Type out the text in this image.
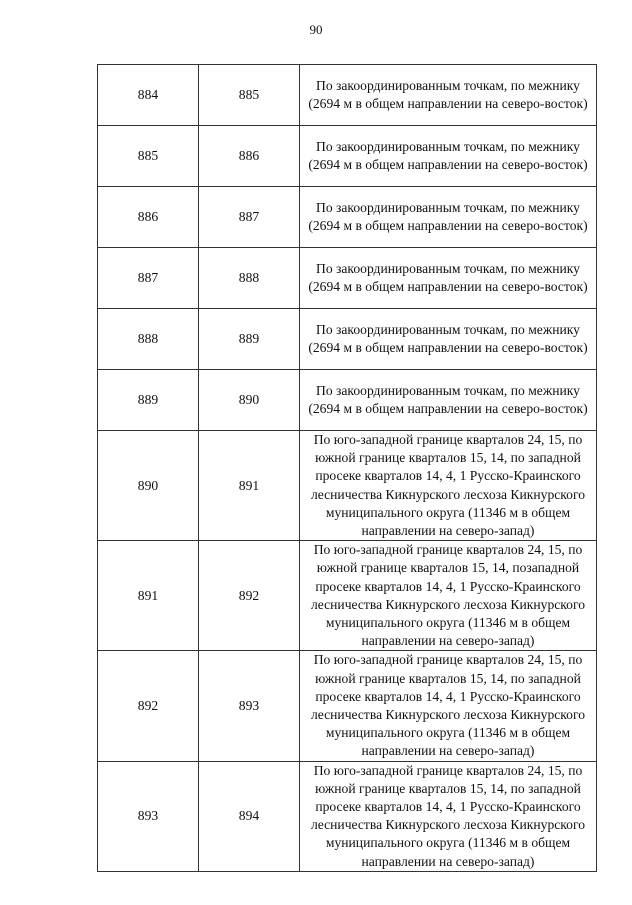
90
884	885	По закоординированным точкам, по межнику (2694 м в общем направлении на северо-восток)
885	886	По закоординированным точкам, по межнику (2694 м в общем направлении на северо-восток)
886	887	По закоординированным точкам, по межнику (2694 м в общем направлении на северо-восток)
887	888	По закоординированным точкам, по межнику (2694 м в общем направлении на северо-восток)
888	889	По закоординированным точкам, по межнику (2694 м в общем направлении на северо-восток)
889	890	По закоординированным точкам, по межнику (2694 м в общем направлении на северо-восток)
890	891	По юго-западной границе кварталов 24, 15, по южной границе кварталов 15, 14, по западной просеке кварталов 14, 4, 1 Русско-Краинского лесничества Кикнурского лесхоза Кикнурского муниципального округа (11346 м в общем направлении на северо-запад)
891	892	По юго-западной границе кварталов 24, 15, по южной границе кварталов 15, 14, позападной просеке кварталов 14, 4, 1 Русско-Краинского лесничества Кикнурского лесхоза Кикнурского муниципального округа (11346 м в общем направлении на северо-запад)
892	893	По юго-западной границе кварталов 24, 15, по южной границе кварталов 15, 14, по западной просеке кварталов 14, 4, 1 Русско-Краинского лесничества Кикнурского лесхоза Кикнурского муниципального округа (11346 м в общем направлении на северо-запад)
893	894	По юго-западной границе кварталов 24, 15, по южной границе кварталов 15, 14, по западной просеке кварталов 14, 4, 1 Русско-Краинского лесничества Кикнурского лесхоза Кикнурского муниципального округа (11346 м в общем направлении на северо-запад)
